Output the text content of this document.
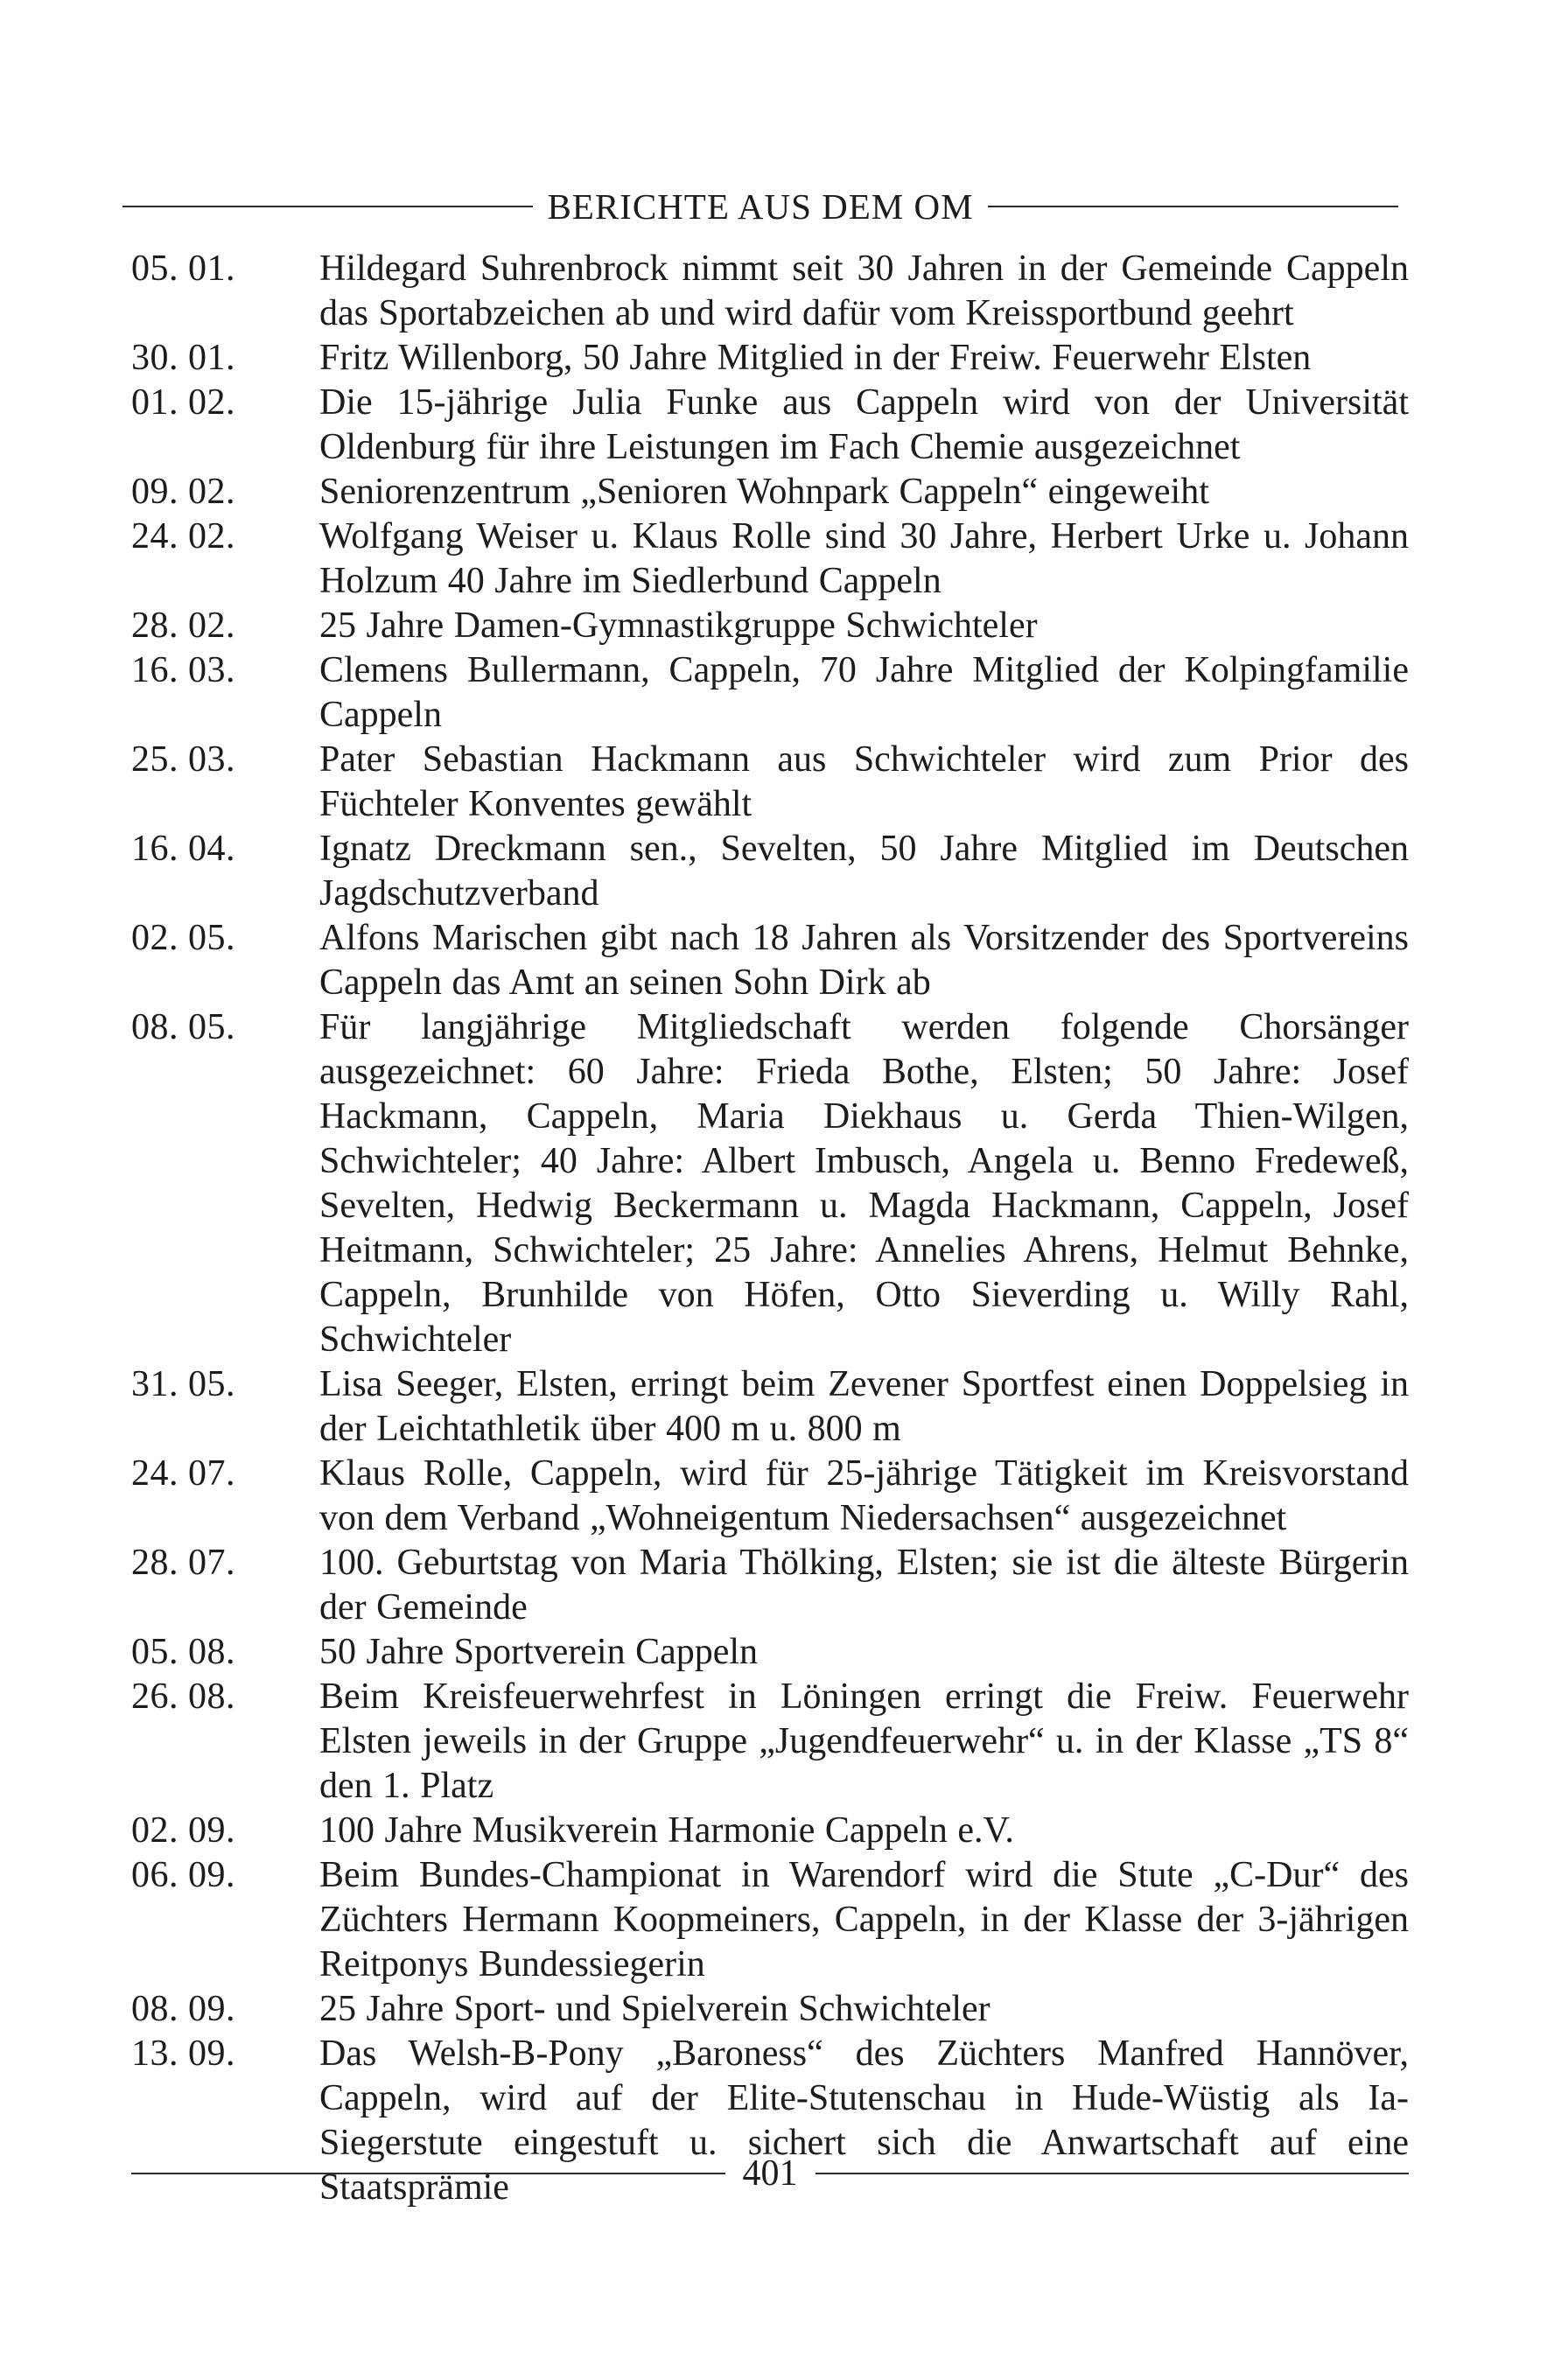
BERICHTE AUS DEM OM
05. 01.	Hildegard Suhrenbrock nimmt seit 30 Jahren in der Gemeinde Cappeln das Sportabzeichen ab und wird dafür vom Kreissportbund geehrt
30. 01.	Fritz Willenborg, 50 Jahre Mitglied in der Freiw. Feuerwehr Elsten
01. 02.	Die 15-jährige Julia Funke aus Cappeln wird von der Universität Oldenburg für ihre Leistungen im Fach Chemie ausgezeichnet
09. 02.	Seniorenzentrum „Senioren Wohnpark Cappeln“ eingeweiht
24. 02.	Wolfgang Weiser u. Klaus Rolle sind 30 Jahre, Herbert Urke u. Johann Holzum 40 Jahre im Siedlerbund Cappeln
28. 02.	25 Jahre Damen-Gymnastikgruppe Schwichteler
16. 03.	Clemens Bullermann, Cappeln, 70 Jahre Mitglied der Kolpingfamilie Cappeln
25. 03.	Pater Sebastian Hackmann aus Schwichteler wird zum Prior des Füchteler Konventes gewählt
16. 04.	Ignatz Dreckmann sen., Sevelten, 50 Jahre Mitglied im Deutschen Jagdschutzverband
02. 05.	Alfons Marischen gibt nach 18 Jahren als Vorsitzender des Sportvereins Cappeln das Amt an seinen Sohn Dirk ab
08. 05.	Für langjährige Mitgliedschaft werden folgende Chorsänger ausgezeichnet: 60 Jahre: Frieda Bothe, Elsten; 50 Jahre: Josef Hackmann, Cappeln, Maria Diekhaus u. Gerda Thien-Wilgen, Schwichteler; 40 Jahre: Albert Imbusch, Angela u. Benno Fredeweß, Sevelten, Hedwig Beckermann u. Magda Hackmann, Cappeln, Josef Heitmann, Schwichteler; 25 Jahre: Annelies Ahrens, Helmut Behnke, Cappeln, Brunhilde von Höfen, Otto Sieverding u. Willy Rahl, Schwichteler
31. 05.	Lisa Seeger, Elsten, erringt beim Zevener Sportfest einen Doppelsieg in der Leichtathletik über 400 m u. 800 m
24. 07.	Klaus Rolle, Cappeln, wird für 25-jährige Tätigkeit im Kreisvorstand von dem Verband „Wohneigentum Niedersachsen“ ausgezeichnet
28. 07.	100. Geburtstag von Maria Thölking, Elsten; sie ist die älteste Bürgerin der Gemeinde
05. 08.	50 Jahre Sportverein Cappeln
26. 08.	Beim Kreisfeuerwehrfest in Löningen erringt die Freiw. Feuerwehr Elsten jeweils in der Gruppe „Jugendfeuerwehr“ u. in der Klasse „TS 8“ den 1. Platz
02. 09.	100 Jahre Musikverein Harmonie Cappeln e.V.
06. 09.	Beim Bundes-Championat in Warendorf wird die Stute „C-Dur“ des Züchters Hermann Koopmeiners, Cappeln, in der Klasse der 3-jährigen Reitponys Bundessiegerin
08. 09.	25 Jahre Sport- und Spielverein Schwichteler
13. 09.	Das Welsh-B-Pony „Baroness“ des Züchters Manfred Hannöver, Cappeln, wird auf der Elite-Stutenschau in Hude-Wüstig als Ia-Siegerstute eingestuft u. sichert sich die Anwartschaft auf eine Staatsprämie	401
